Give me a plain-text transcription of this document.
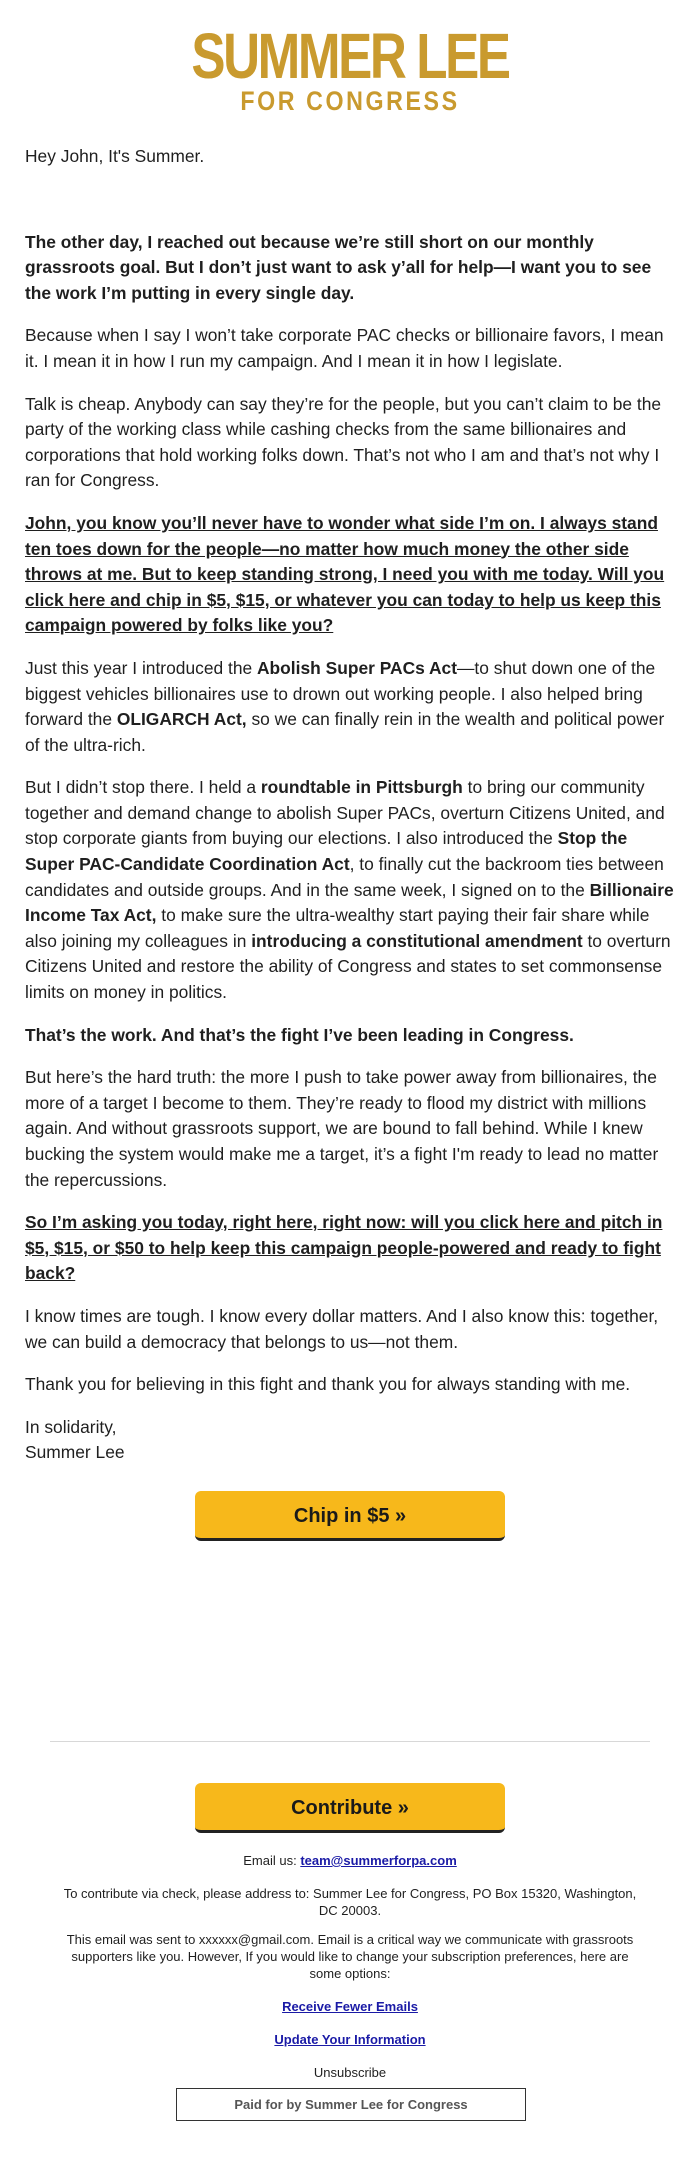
SUMMER LEE
FOR CONGRESS

Hey John, It's Summer.

The other day, I reached out because we’re still short on our monthly grassroots goal. But I don’t just want to ask y’all for help—I want you to see the work I’m putting in every single day.

Because when I say I won’t take corporate PAC checks or billionaire favors, I mean it. I mean it in how I run my campaign. And I mean it in how I legislate.

Talk is cheap. Anybody can say they’re for the people, but you can’t claim to be the party of the working class while cashing checks from the same billionaires and corporations that hold working folks down. That’s not who I am and that’s not why I ran for Congress.

John, you know you’ll never have to wonder what side I’m on. I always stand ten toes down for the people—no matter how much money the other side throws at me. But to keep standing strong, I need you with me today. Will you click here and chip in $5, $15, or whatever you can today to help us keep this campaign powered by folks like you?

Just this year I introduced the Abolish Super PACs Act—to shut down one of the biggest vehicles billionaires use to drown out working people. I also helped bring forward the OLIGARCH Act, so we can finally rein in the wealth and political power of the ultra-rich.

But I didn’t stop there. I held a roundtable in Pittsburgh to bring our community together and demand change to abolish Super PACs, overturn Citizens United, and stop corporate giants from buying our elections. I also introduced the Stop the Super PAC-Candidate Coordination Act, to finally cut the backroom ties between candidates and outside groups. And in the same week, I signed on to the Billionaire Income Tax Act, to make sure the ultra-wealthy start paying their fair share while also joining my colleagues in introducing a constitutional amendment to overturn Citizens United and restore the ability of Congress and states to set commonsense limits on money in politics.

That’s the work. And that’s the fight I’ve been leading in Congress.

But here’s the hard truth: the more I push to take power away from billionaires, the more of a target I become to them. They’re ready to flood my district with millions again. And without grassroots support, we are bound to fall behind. While I knew bucking the system would make me a target, it’s a fight I'm ready to lead no matter the repercussions.

So I’m asking you today, right here, right now: will you click here and pitch in $5, $15, or $50 to help keep this campaign people-powered and ready to fight back?

I know times are tough. I know every dollar matters. And I also know this: together, we can build a democracy that belongs to us—not them.

Thank you for believing in this fight and thank you for always standing with me.

In solidarity,
Summer Lee

Chip in $5 »
Contribute »

Email us: team@summerforpa.com

To contribute via check, please address to: Summer Lee for Congress, PO Box 15320, Washington, DC 20003.

This email was sent to xxxxxx@gmail.com. Email is a critical way we communicate with grassroots supporters like you. However, If you would like to change your subscription preferences, here are some options:

Receive Fewer Emails

Update Your Information

Unsubscribe

Paid for by Summer Lee for Congress
